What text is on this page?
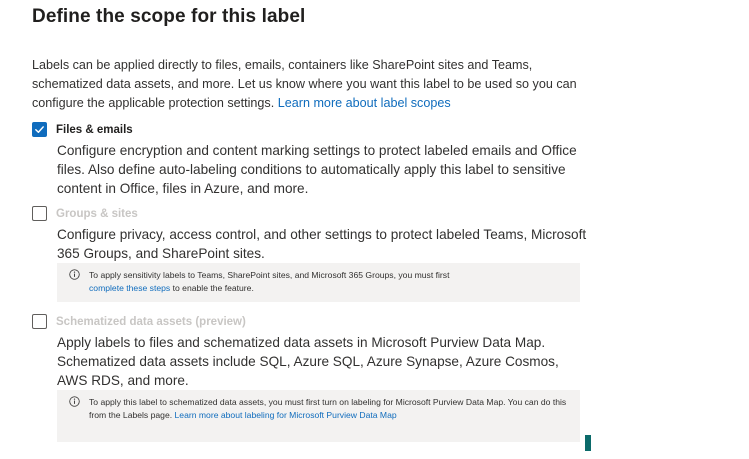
Define the scope for this label
Labels can be applied directly to files, emails, containers like SharePoint sites and Teams, schematized data assets, and more. Let us know where you want this label to be used so you can configure the applicable protection settings. Learn more about label scopes
Files & emails
Configure encryption and content marking settings to protect labeled emails and Office files. Also define auto-labeling conditions to automatically apply this label to sensitive content in Office, files in Azure, and more.
Groups & sites
Configure privacy, access control, and other settings to protect labeled Teams, Microsoft 365 Groups, and SharePoint sites.
To apply sensitivity labels to Teams, SharePoint sites, and Microsoft 365 Groups, you must first
complete these steps to enable the feature.
Schematized data assets (preview)
Apply labels to files and schematized data assets in Microsoft Purview Data Map. Schematized data assets include SQL, Azure SQL, Azure Synapse, Azure Cosmos, AWS RDS, and more.
To apply this label to schematized data assets, you must first turn on labeling for Microsoft Purview Data Map. You can do this from the Labels page. Learn more about labeling for Microsoft Purview Data Map
